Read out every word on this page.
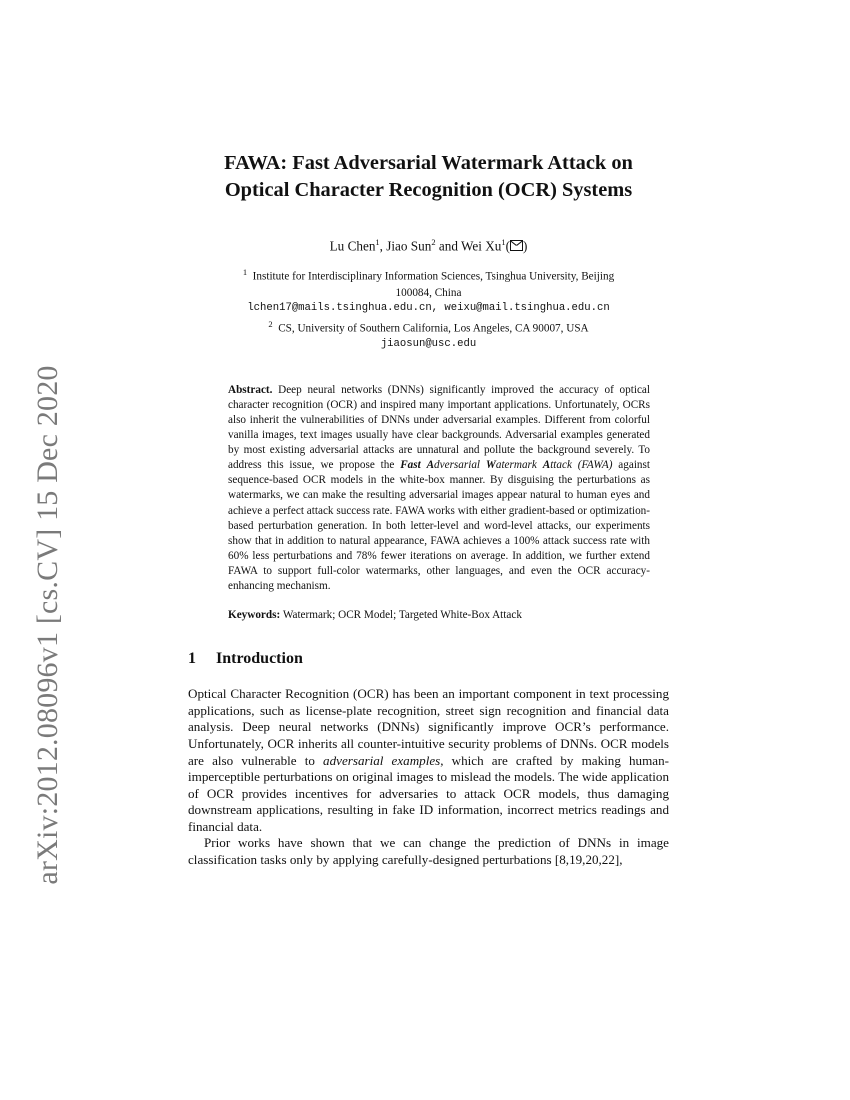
arXiv:2012.08096v1 [cs.CV] 15 Dec 2020
FAWA: Fast Adversarial Watermark Attack on
Optical Character Recognition (OCR) Systems
Lu Chen$^1$, Jiao Sun$^2$ and Wei Xu$^1$( )
$^1$ Institute for Interdisciplinary Information Sciences, Tsinghua University, Beijing
100084, China
lchen17@mails.tsinghua.edu.cn, weixu@mail.tsinghua.edu.cn
$^2$ CS, University of Southern California, Los Angeles, CA 90007, USA
jiaosun@usc.edu
Abstract. Deep neural networks (DNNs) significantly improved the accuracy of optical character recognition (OCR) and inspired many important applications. Unfortunately, OCRs also inherit the vulnerabilities of DNNs under adversarial examples. Different from colorful vanilla images, text images usually have clear backgrounds. Adversarial examples generated by most existing adversarial attacks are unnatural and pollute the background severely. To address this issue, we propose the Fast Adversarial Watermark Attack (FAWA) against sequence-based OCR models in the white-box manner. By disguising the perturbations as watermarks, we can make the resulting adversarial images appear natural to human eyes and achieve a perfect attack success rate. FAWA works with either gradient-based or optimization-based perturbation generation. In both letter-level and word-level attacks, our experiments show that in addition to natural appearance, FAWA achieves a 100% attack success rate with 60% less perturbations and 78% fewer iterations on average. In addition, we further extend FAWA to support full-color watermarks, other languages, and even the OCR accuracy-enhancing mechanism.
Keywords: Watermark; OCR Model; Targeted White-Box Attack
1 Introduction

Optical Character Recognition (OCR) has been an important component in text processing applications, such as license-plate recognition, street sign recognition and financial data analysis. Deep neural networks (DNNs) significantly improve OCR’s performance. Unfortunately, OCR inherits all counter-intuitive security problems of DNNs. OCR models are also vulnerable to adversarial examples, which are crafted by making human-imperceptible perturbations on original images to mislead the models. The wide application of OCR provides incentives for adversaries to attack OCR models, thus damaging downstream applications, resulting in fake ID information, incorrect metrics readings and financial data.

Prior works have shown that we can change the prediction of DNNs in image classification tasks only by applying carefully-designed perturbations [8,19,20,22],
